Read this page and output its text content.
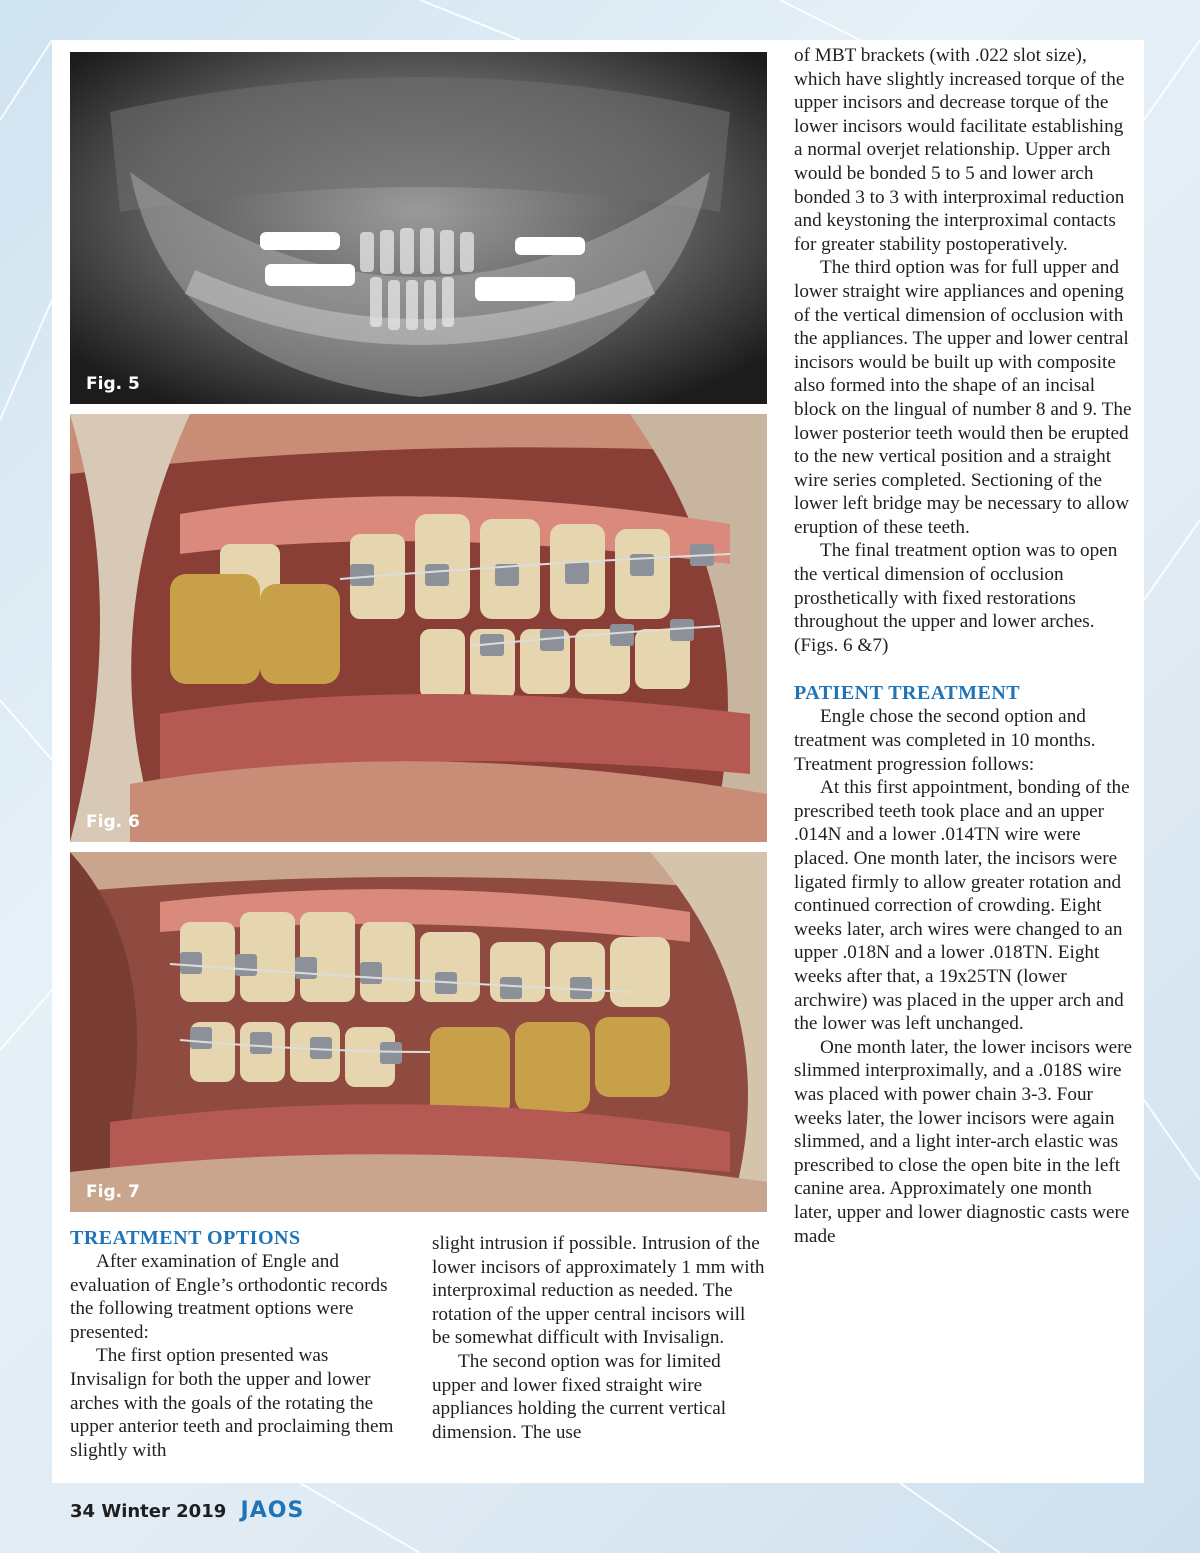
Fig. 5
Fig. 6
Fig. 7

of MBT brackets (with .022 slot size), which have slightly increased torque of the upper incisors and decrease torque of the lower incisors would facilitate establishing a normal overjet relationship. Upper arch would be bonded 5 to 5 and lower arch bonded 3 to 3 with interproximal reduction and keystoning the interproximal contacts for greater stability postoperatively.

The third option was for full upper and lower straight wire appliances and opening of the vertical dimension of occlusion with the appliances. The upper and lower central incisors would be built up with composite also formed into the shape of an incisal block on the lingual of number 8 and 9. The lower posterior teeth would then be erupted to the new vertical position and a straight wire series completed. Sectioning of the lower left bridge may be necessary to allow eruption of these teeth.

The final treatment option was to open the vertical dimension of occlusion prosthetically with fixed restorations throughout the upper and lower arches.(Figs. 6 &7)

PATIENT TREATMENT

Engle chose the second option and treatment was completed in 10 months. Treatment progression follows:

At this first appointment, bonding of the prescribed teeth took place and an upper .014N and a lower .014TN wire were placed. One month later, the incisors were ligated firmly to allow greater rotation and continued correction of crowding. Eight weeks later, arch wires were changed to an upper .018N and a lower .018TN. Eight weeks after that, a 19x25TN (lower archwire) was placed in the upper arch and the lower was left unchanged.

One month later, the lower incisors were slimmed interproximally, and a .018S wire was placed with power chain 3-3. Four weeks later, the lower incisors were again slimmed, and a light inter-arch elastic was prescribed to close the open bite in the left canine area. Approximately one month later, upper and lower diagnostic casts were made

TREATMENT OPTIONS

After examination of Engle and evaluation of Engle’s orthodontic records the following treatment options were presented:

The first option presented was Invisalign for both the upper and lower arches with the goals of the rotating the upper anterior teeth and proclaiming them slightly with

slight intrusion if possible. Intrusion of the lower incisors of approximately 1 mm with interproximal reduction as needed. The rotation of the upper central incisors will be somewhat difficult with Invisalign.

The second option was for limited upper and lower fixed straight wire appliances holding the current vertical dimension. The use

34 Winter 2019 JAOS
